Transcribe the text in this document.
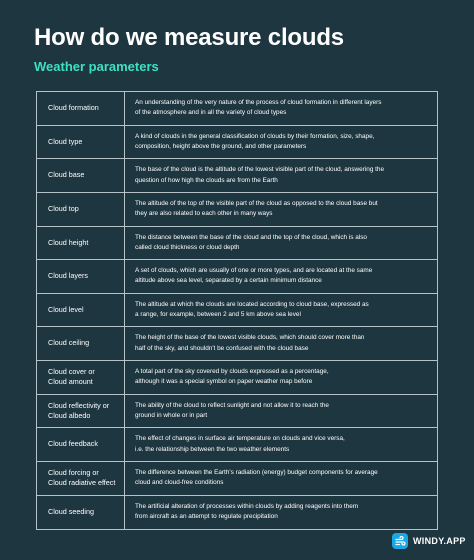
How do we measure clouds
Weather parameters
Cloud formation
An understanding of the very nature of the process of cloud formation in different layers
of the atmosphere and in all the variety of cloud types
Cloud type
A kind of clouds in the general classification of clouds by their formation, size, shape,
composition, height above the ground, and other parameters
Cloud base
The base of the cloud is the altitude of the lowest visible part of the cloud, answering the
question of how high the clouds are from the Earth
Cloud top
The altitude of the top of the visible part of the cloud as opposed to the cloud base but
they are also related to each other in many ways
Cloud height
The distance between the base of the cloud and the top of the cloud, which is also
called cloud thickness or cloud depth
Cloud layers
A set of clouds, which are usually of one or more types, and are located at the same
altitude above sea level, separated by a certain minimum distance
Cloud level
The altitude at which the clouds are located according to cloud base, expressed as
a range, for example, between 2 and 5 km above sea level
Cloud ceiling
The height of the base of the lowest visible clouds, which should cover more than
half of the sky, and shouldn't be confused with the cloud base
Cloud cover or
Cloud amount
A total part of the sky covered by clouds expressed as a percentage,
although it was a special symbol on paper weather map before
Cloud reflectivity or
Cloud albedo
The ability of the cloud to reflect sunlight and not allow it to reach the
ground in whole or in part
Cloud feedback
The effect of changes in surface air temperature on clouds and vice versa,
i.e. the relationship between the two weather elements
Cloud forcing or
Cloud radiative effect
The difference between the Earth's radiation (energy) budget components for average
cloud and cloud-free conditions
Cloud seeding
The artificial alteration of processes within clouds by adding reagents into them
from aircraft as an attempt to regulate precipitation
WINDY.APP
